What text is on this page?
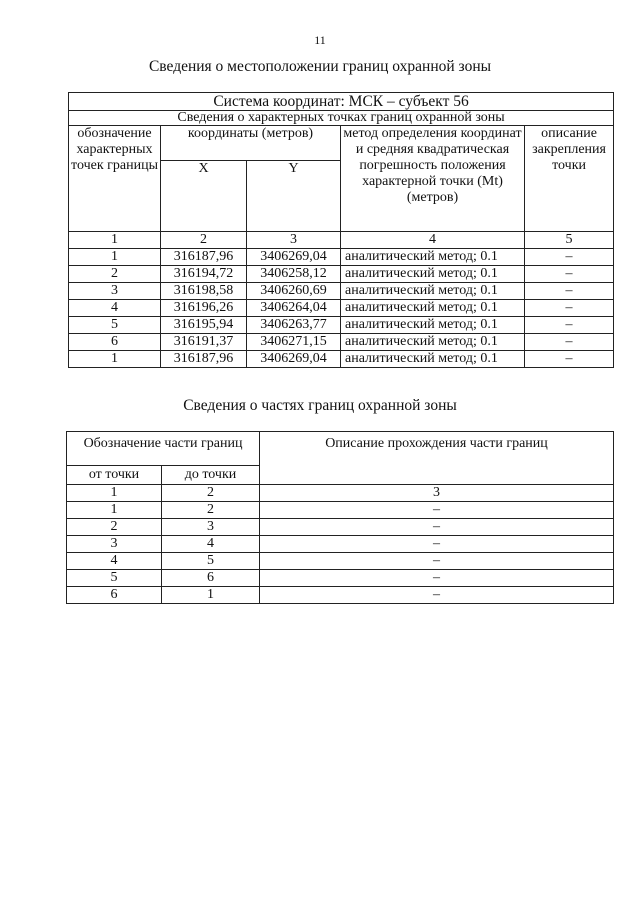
11
Сведения о местоположении границ охранной зоны
Система координат: МСК – субъект 56				
Сведения о характерных точках границ охранной зоны				
обозначение характерных точек границы	координаты (метров)		метод определения координат и средняя квадратическая погрешность положения характерной точки (Mt) (метров)	описание закрепления точки
	X	Y		
1	2	3	4	5
1	316187,96	3406269,04	аналитический метод; 0.1	–
2	316194,72	3406258,12	аналитический метод; 0.1	–
3	316198,58	3406260,69	аналитический метод; 0.1	–
4	316196,26	3406264,04	аналитический метод; 0.1	–
5	316195,94	3406263,77	аналитический метод; 0.1	–
6	316191,37	3406271,15	аналитический метод; 0.1	–
1	316187,96	3406269,04	аналитический метод; 0.1	–
Сведения о частях границ охранной зоны
Обозначение части границ		Описание прохождения части границ
от точки	до точки	
1	2	3
1	2	–
2	3	–
3	4	–
4	5	–
5	6	–
6	1	–
